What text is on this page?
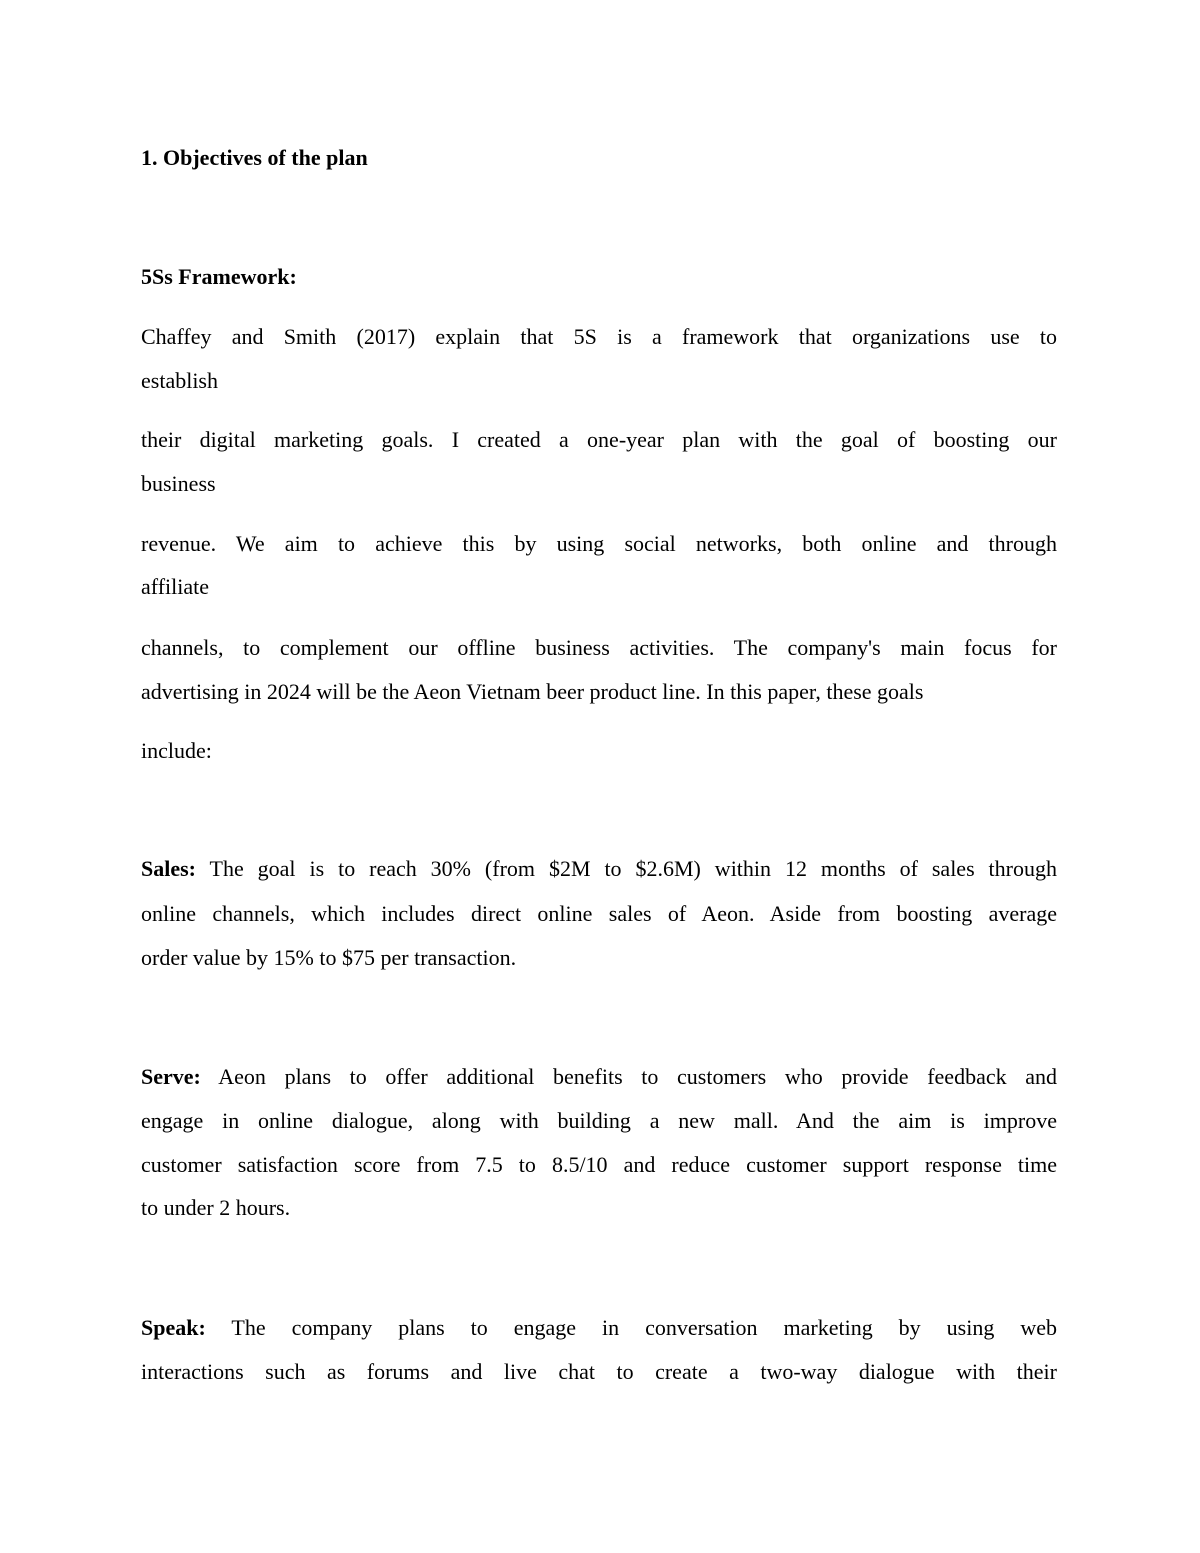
1. Objectives of the plan
5Ss Framework:
Chaffey and Smith (2017) explain that 5S is a framework that organizations use to
establish
their digital marketing goals. I created a one-year plan with the goal of boosting our
business
revenue. We aim to achieve this by using social networks, both online and through
affiliate
channels, to complement our offline business activities. The company's main focus for
advertising in 2024 will be the Aeon Vietnam beer product line. In this paper, these goals
include:
Sales: The goal is to reach 30% (from $2M to $2.6M) within 12 months of sales through
online channels, which includes direct online sales of Aeon. Aside from boosting average
order value by 15% to $75 per transaction.
Serve: Aeon plans to offer additional benefits to customers who provide feedback and
engage in online dialogue, along with building a new mall. And the aim is improve
customer satisfaction score from 7.5 to 8.5/10 and reduce customer support response time
to under 2 hours.
Speak: The company plans to engage in conversation marketing by using web
interactions such as forums and live chat to create a two-way dialogue with their
